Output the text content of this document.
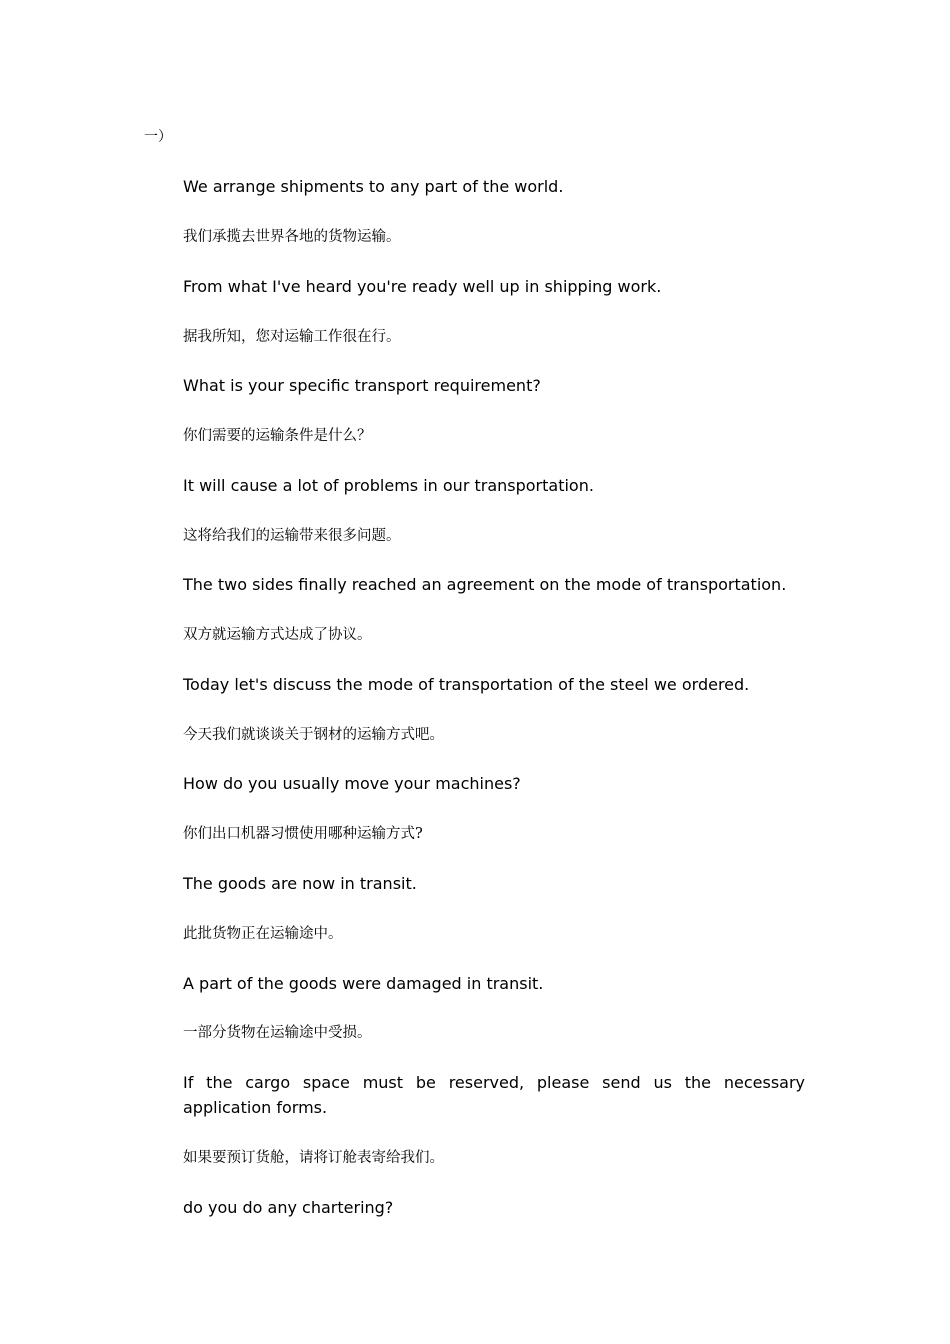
一）

We arrange shipments to any part of the world.

我们承揽去世界各地的货物运输。

From what I've heard you're ready well up in shipping work.

据我所知，您对运输工作很在行。

What is your specific transport requirement?

你们需要的运输条件是什么？

It will cause a lot of problems in our transportation.

这将给我们的运输带来很多问题。

The two sides finally reached an agreement on the mode of transportation.

双方就运输方式达成了协议。

Today let's discuss the mode of transportation of the steel we ordered.

今天我们就谈谈关于钢材的运输方式吧。

How do you usually move your machines?

你们出口机器习惯使用哪种运输方式?

The goods are now in transit.

此批货物正在运输途中。

A part of the goods were damaged in transit.

一部分货物在运输途中受损。

If the cargo space must be reserved, please send us the necessary application forms.

如果要预订货舱，请将订舱表寄给我们。

do you do any chartering?
